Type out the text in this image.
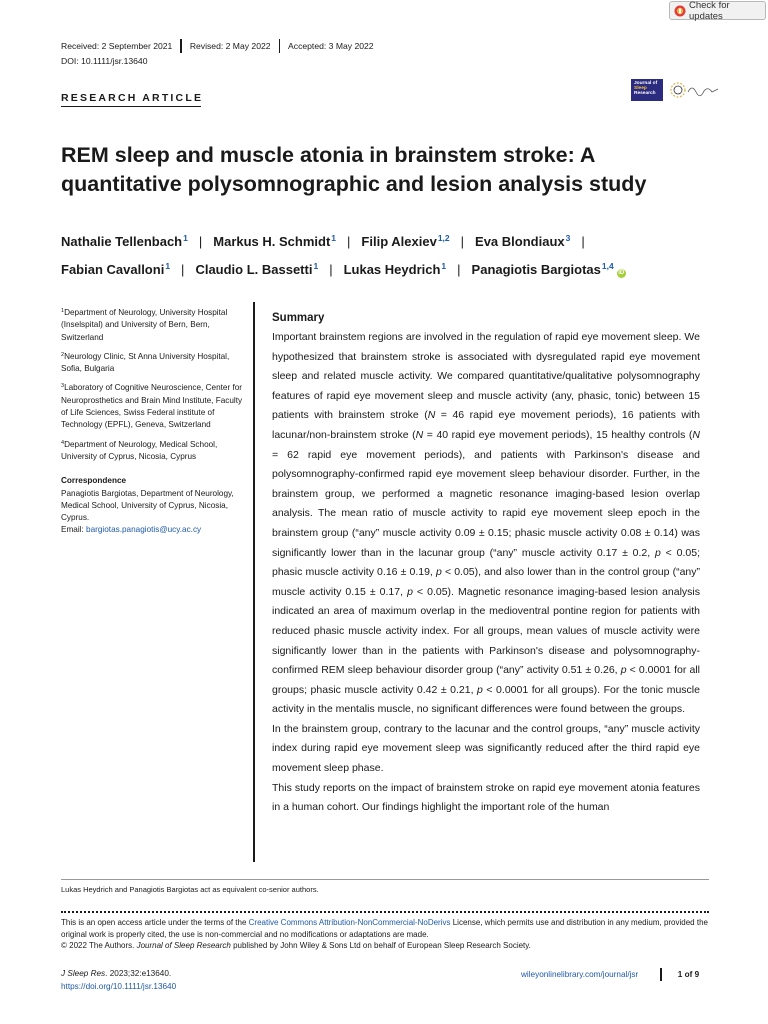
Check for updates
Received: 2 September 2021 Revised: 2 May 2022 Accepted: 3 May 2022
DOI: 10.1111/jsr.13640
RESEARCH ARTICLE
Journal of
Sleep
Research
REM sleep and muscle atonia in brainstem stroke: A quantitative polysomnographic and lesion analysis study
Nathalie Tellenbach$^1$ | Markus H. Schmidt$^1$ | Filip Alexiev$^{1,2}$ | Eva Blondiaux$^3$ |
Fabian Cavalloni$^1$ | Claudio L. Bassetti$^1$ | Lukas Heydrich$^1$ | Panagiotis Bargiotas$^{1,4}$iD

$^1$Department of Neurology, University Hospital (Inselspital) and University of Bern, Bern, Switzerland

$^2$Neurology Clinic, St Anna University Hospital, Sofia, Bulgaria

$^3$Laboratory of Cognitive Neuroscience, Center for Neuroprosthetics and Brain Mind Institute, Faculty of Life Sciences, Swiss Federal institute of Technology (EPFL), Geneva, Switzerland

$^4$Department of Neurology, Medical School, University of Cyprus, Nicosia, Cyprus

Correspondence

Panagiotis Bargiotas, Department of Neurology, Medical School, University of Cyprus, Nicosia, Cyprus.
Email: bargiotas.panagiotis@ucy.ac.cy

Summary

Important brainstem regions are involved in the regulation of rapid eye movement sleep. We hypothesized that brainstem stroke is associated with dysregulated rapid eye movement sleep and related muscle activity. We compared quantitative/qualitative polysomnography features of rapid eye movement sleep and muscle activity (any, phasic, tonic) between 15 patients with brainstem stroke (N = 46 rapid eye movement periods), 16 patients with lacunar/non-brainstem stroke (N = 40 rapid eye movement periods), 15 healthy controls (N = 62 rapid eye movement periods), and patients with Parkinson's disease and polysomnography-confirmed rapid eye movement sleep behaviour disorder. Further, in the brainstem group, we performed a magnetic resonance imaging-based lesion overlap analysis. The mean ratio of muscle activity to rapid eye movement sleep epoch in the brainstem group (“any” muscle activity 0.09 ± 0.15; phasic muscle activity 0.08 ± 0.14) was significantly lower than in the lacunar group (“any” muscle activity 0.17 ± 0.2, p < 0.05; phasic muscle activity 0.16 ± 0.19, p < 0.05), and also lower than in the control group (“any” muscle activity 0.15 ± 0.17, p < 0.05). Magnetic resonance imaging-based lesion analysis indicated an area of maximum overlap in the medioventral pontine region for patients with reduced phasic muscle activity index. For all groups, mean values of muscle activity were significantly lower than in the patients with Parkinson's disease and polysomnography-confirmed REM sleep behaviour disorder group (“any” activity 0.51 ± 0.26, p < 0.0001 for all groups; phasic muscle activity 0.42 ± 0.21, p < 0.0001 for all groups). For the tonic muscle activity in the mentalis muscle, no significant differences were found between the groups.

In the brainstem group, contrary to the lacunar and the control groups, “any” muscle activity index during rapid eye movement sleep was significantly reduced after the third rapid eye movement sleep phase.

This study reports on the impact of brainstem stroke on rapid eye movement atonia features in a human cohort. Our findings highlight the important role of the human

Lukas Heydrich and Panagiotis Bargiotas act as equivalent co-senior authors.
This is an open access article under the terms of the Creative Commons Attribution-NonCommercial-NoDerivs License, which permits use and distribution in any medium, provided the original work is properly cited, the use is non-commercial and no modifications or adaptations are made.
© 2022 The Authors. Journal of Sleep Research published by John Wiley & Sons Ltd on behalf of European Sleep Research Society.
J Sleep Res. 2023;32:e13640.
https://doi.org/10.1111/jsr.13640
wileyonlinelibrary.com/journal/jsr	1 of 9
